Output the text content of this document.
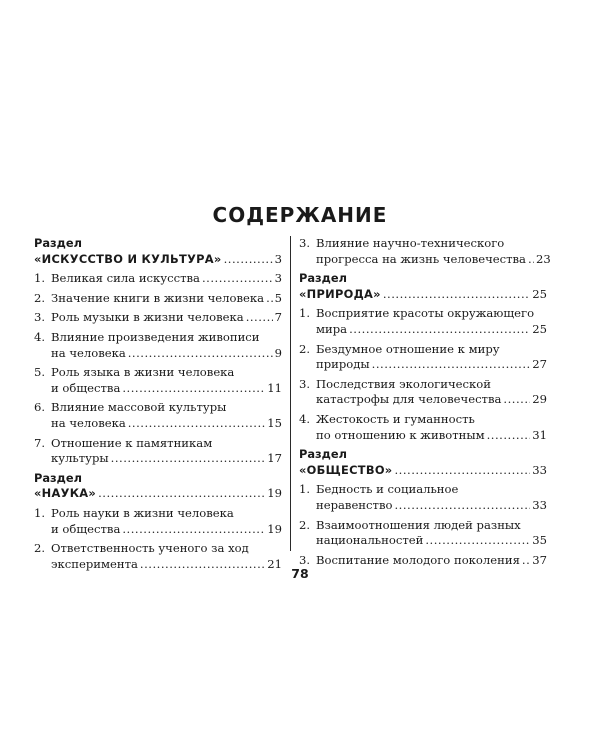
СОДЕРЖАНИЕ
Раздел
«ИСКУССТВО И КУЛЬТУРА» .....	3
1. Великая сила искусства .....	3
2. Значение книги в жизни человека ..... 5
3. Роль музыки в жизни человека .....	7
4. Влияние произведения живописи
на человека .....	9
5. Роль языка в жизни человека
и общества .....	11
6. Влияние массовой культуры
на человека .....	15
7. Отношение к памятникам
культуры .....	17
Раздел
«НАУКА» .....	19
1. Роль науки в жизни человека
и общества .....	19
2. Ответственность ученого за ход
эксперимента .....	21
3. Влияние научно-технического
прогресса на жизнь человечества ..... 23
Раздел
«ПРИРОДА» .....	25
1. Восприятие красоты окружающего
мира .....	25
2. Бездумное отношение к миру
природы .....	27
3. Последствия экологической
катастрофы для человечества .....	29
4. Жестокость и гуманность
по отношению к животным .....	31
Раздел
«ОБЩЕСТВО» .....	33
1. Бедность и социальное
неравенство .....	33
2. Взаимоотношения людей разных
национальностей .....	35
3. Воспитание молодого поколения ..... 37
78
